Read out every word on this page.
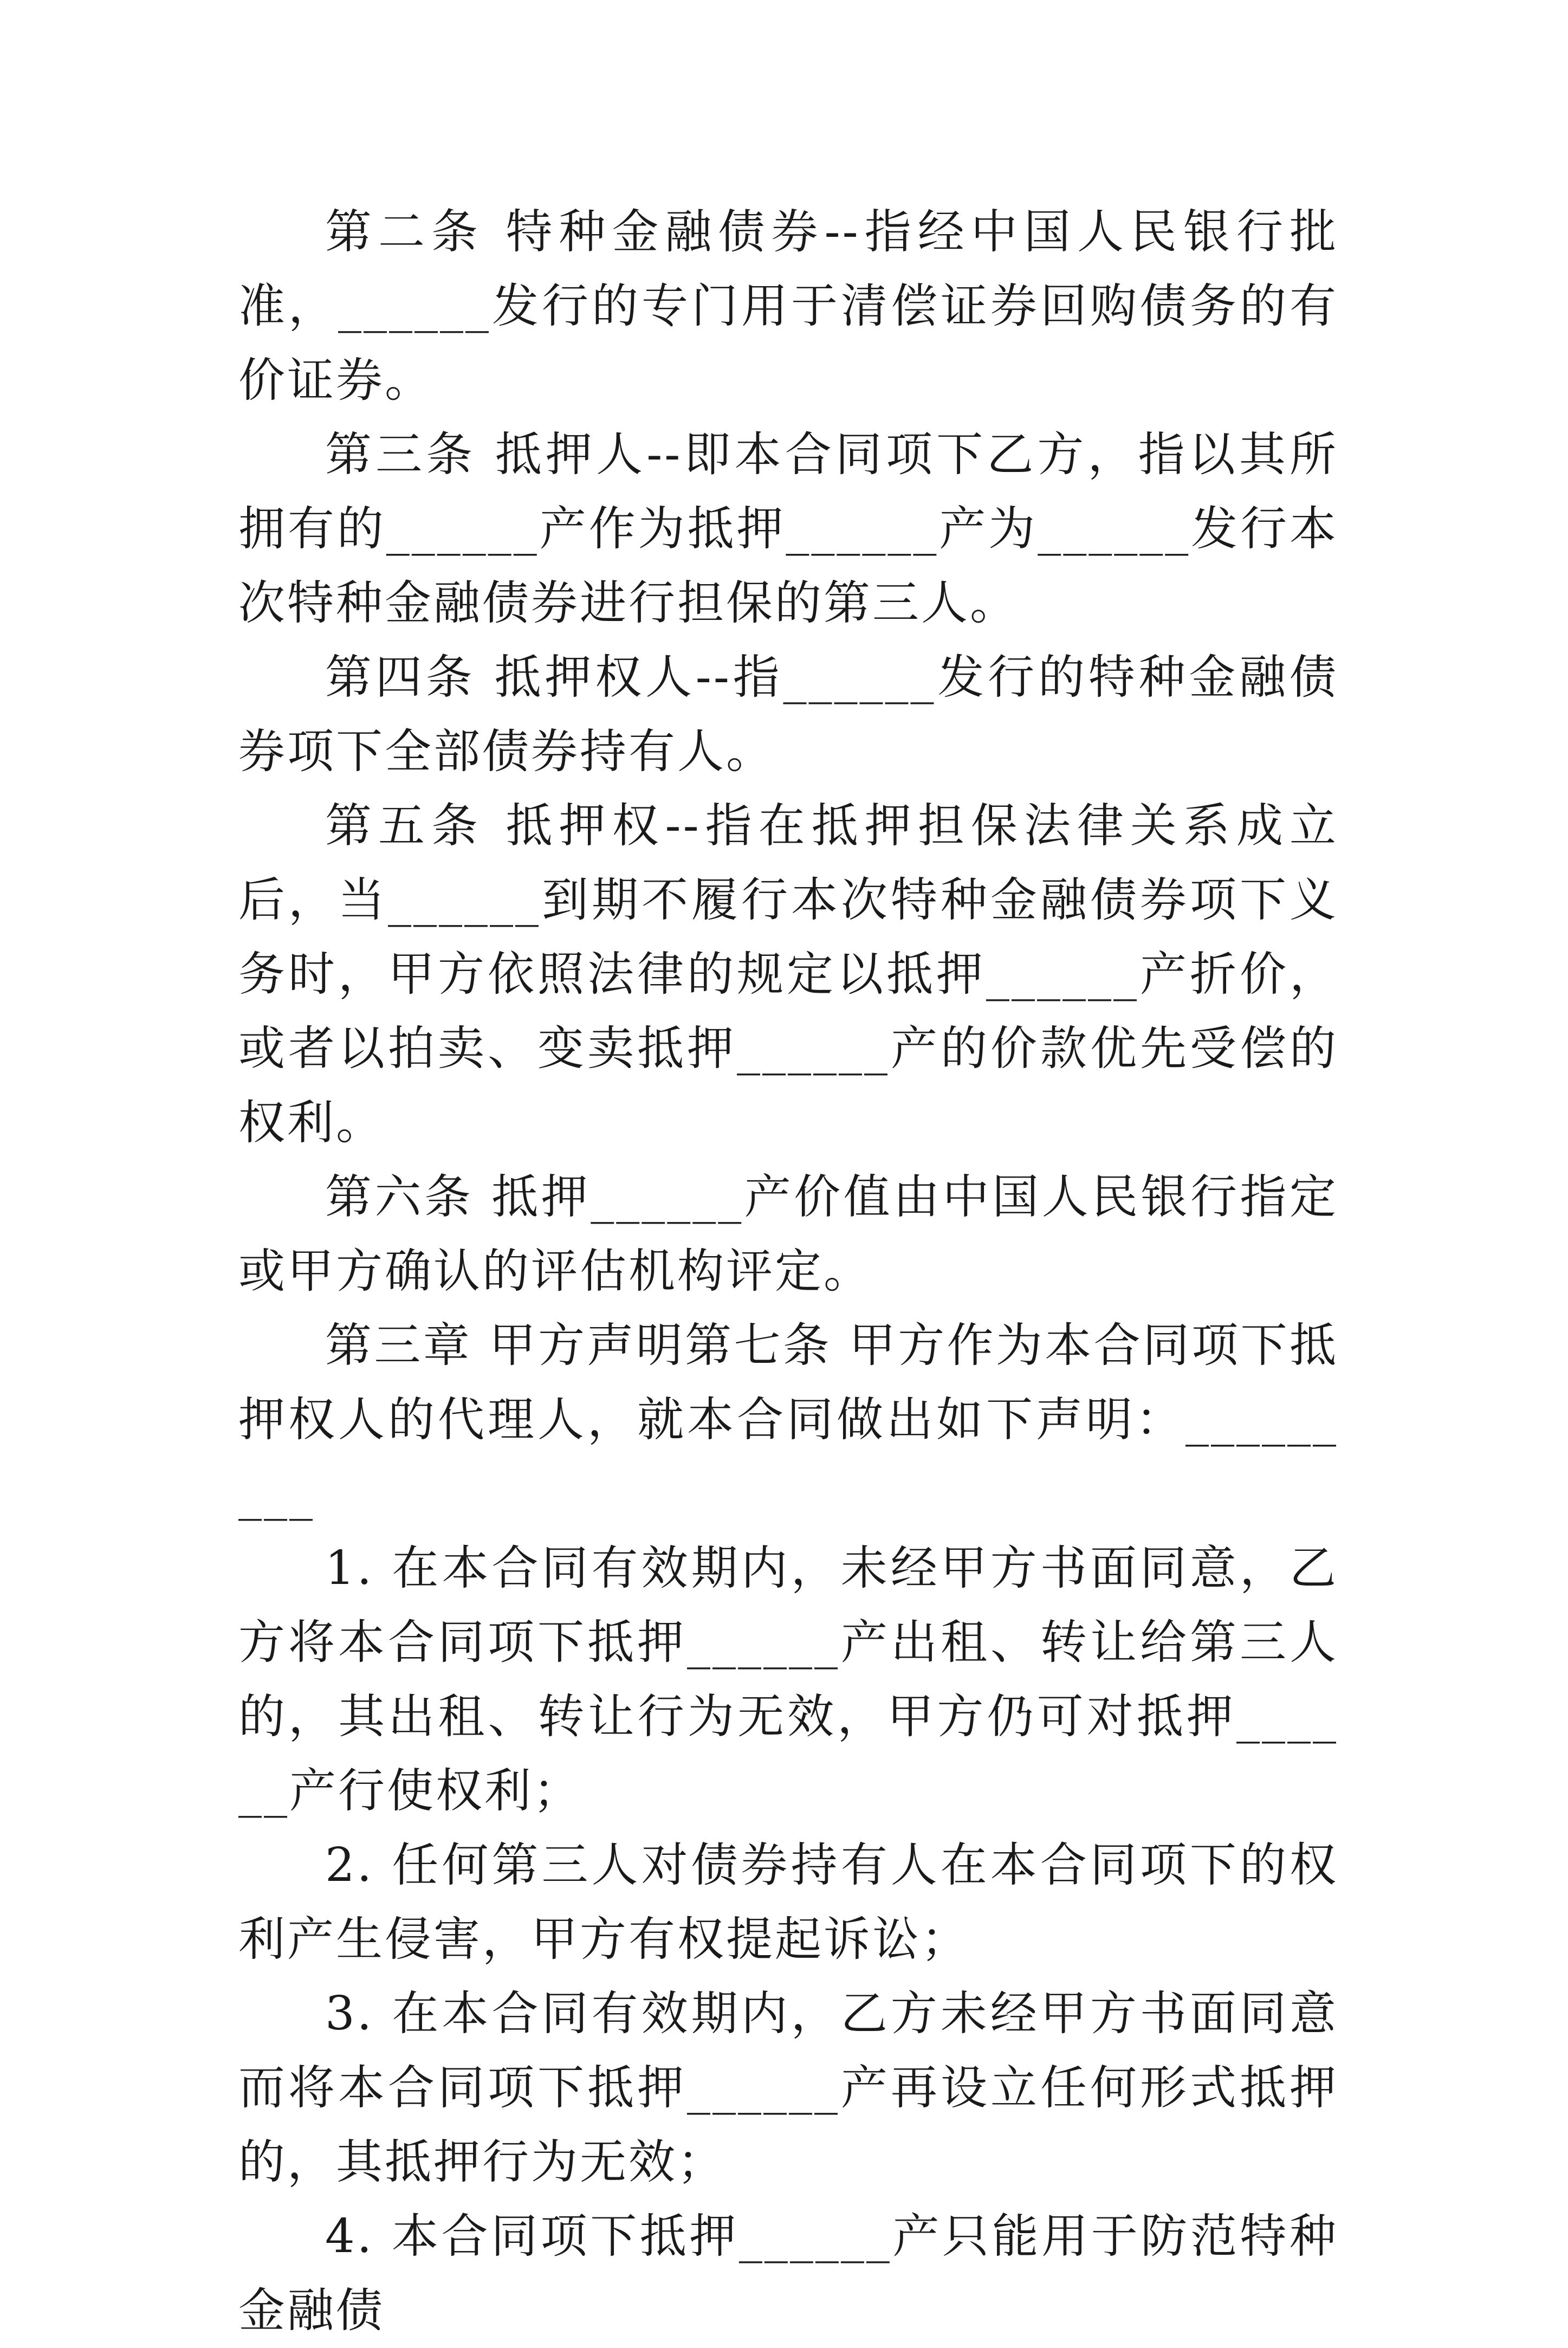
第二条 特种金融债券--指经中国人民银行批准，______发行的专门用于清偿证券回购债务的有价证券。

第三条 抵押人--即本合同项下乙方，指以其所拥有的______产作为抵押______产为______发行本次特种金融债券进行担保的第三人。

第四条 抵押权人--指______发行的特种金融债券项下全部债券持有人。

第五条 抵押权--指在抵押担保法律关系成立后，当______到期不履行本次特种金融债券项下义务时，甲方依照法律的规定以抵押______产折价，或者以拍卖、变卖抵押______产的价款优先受偿的权利。

第六条 抵押______产价值由中国人民银行指定或甲方确认的评估机构评定。

第三章 甲方声明第七条 甲方作为本合同项下抵押权人的代理人，就本合同做出如下声明：_________

1. 在本合同有效期内，未经甲方书面同意，乙方将本合同项下抵押______产出租、转让给第三人的，其出租、转让行为无效，甲方仍可对抵押______产行使权利；

2. 任何第三人对债券持有人在本合同项下的权利产生侵害，甲方有权提起诉讼；

3. 在本合同有效期内，乙方未经甲方书面同意而将本合同项下抵押______产再设立任何形式抵押的，其抵押行为无效；

4. 本合同项下抵押______产只能用于防范特种金融债
